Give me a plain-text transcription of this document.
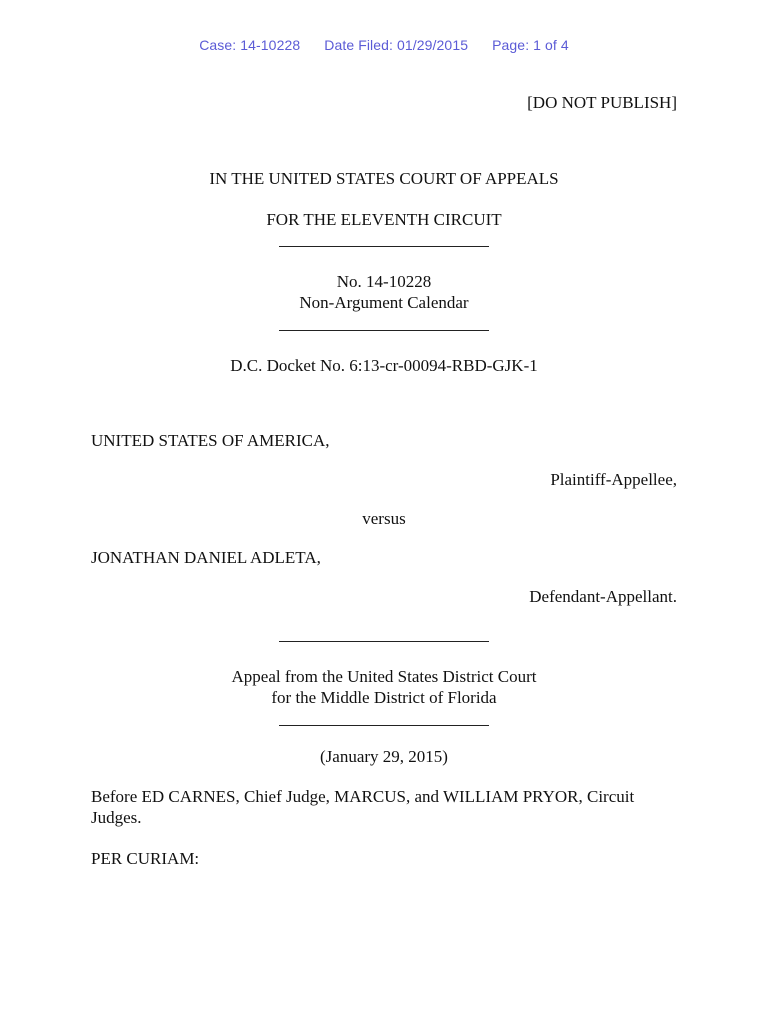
Case: 14-10228 Date Filed: 01/29/2015 Page: 1 of 4
[DO NOT PUBLISH]
IN THE UNITED STATES COURT OF APPEALS
FOR THE ELEVENTH CIRCUIT
No. 14-10228
Non-Argument Calendar
D.C. Docket No. 6:13-cr-00094-RBD-GJK-1
UNITED STATES OF AMERICA,
Plaintiff-Appellee,
versus
JONATHAN DANIEL ADLETA,
Defendant-Appellant.
Appeal from the United States District Court
for the Middle District of Florida
(January 29, 2015)
Before ED CARNES, Chief Judge, MARCUS, and WILLIAM PRYOR, Circuit Judges.
PER CURIAM:
